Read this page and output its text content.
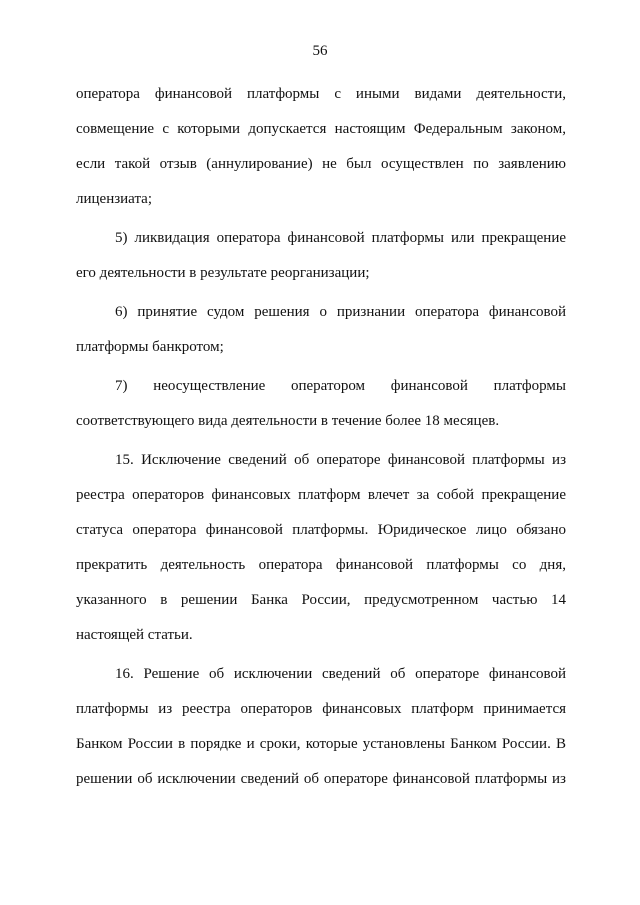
56
оператора финансовой платформы с иными видами деятельности,
совмещение с которыми допускается настоящим Федеральным законом,
если такой отзыв (аннулирование) не был осуществлен по заявлению
лицензиата;
5) ликвидация оператора финансовой платформы или прекращение
его деятельности в результате реорганизации;
6) принятие судом решения о признании оператора финансовой
платформы банкротом;
7) неосуществление оператором финансовой платформы
соответствующего вида деятельности в течение более 18 месяцев.
15. Исключение сведений об операторе финансовой платформы из
реестра операторов финансовых платформ влечет за собой прекращение
статуса оператора финансовой платформы. Юридическое лицо обязано
прекратить деятельность оператора финансовой платформы со дня,
указанного в решении Банка России, предусмотренном частью 14
настоящей статьи.
16. Решение об исключении сведений об операторе финансовой
платформы из реестра операторов финансовых платформ принимается
Банком России в порядке и сроки, которые установлены Банком России. В
решении об исключении сведений об операторе финансовой платформы из
